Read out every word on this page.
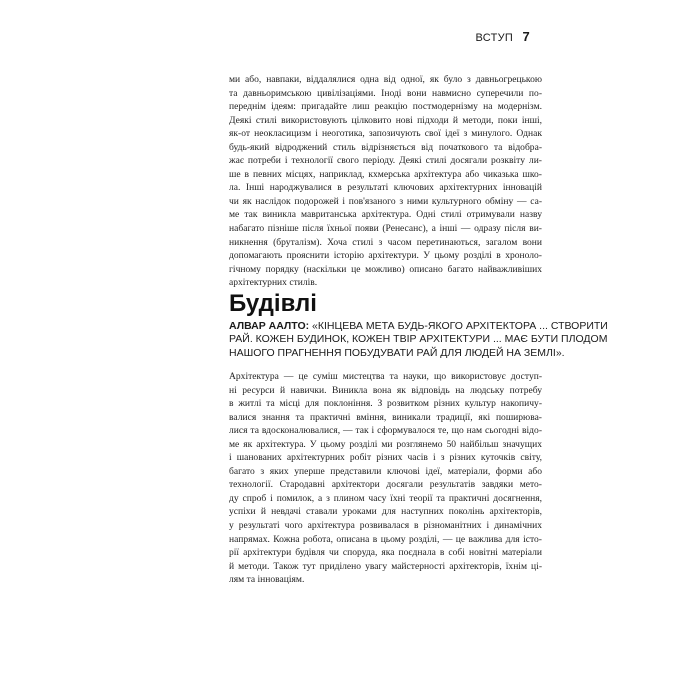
ВСТУП 7
ми або, навпаки, віддалялися одна від одної, як було з давньогрецькою
та давньоримською цивілізаціями. Іноді вони навмисно суперечили по-
переднім ідеям: пригадайте лиш реакцію постмодернізму на модернізм.
Деякі стилі використовують цілковито нові підходи й методи, поки інші,
як-от неокласицизм і неоготика, запозичують свої ідеї з минулого. Однак
будь-який відроджений стиль відрізняється від початкового та відобра-
жає потреби і технології свого періоду. Деякі стилі досягали розквіту ли-
ше в певних місцях, наприклад, кхмерська архітектура або чиказька шко-
ла. Інші народжувалися в результаті ключових архітектурних інновацій
чи як наслідок подорожей і пов'язаного з ними культурного обміну — са-
ме так виникла мавританська архітектура. Одні стилі отримували назву
набагато пізніше після їхньої появи (Ренесанс), а інші — одразу після ви-
никнення (бруталізм). Хоча стилі з часом перетинаються, загалом вони
допомагають прояснити історію архітектури. У цьому розділі в хроноло-
гічному порядку (наскільки це можливо) описано багато найважливіших
архітектурних стилів.
Будівлі
АЛВАР ААЛТО: «КІНЦЕВА МЕТА БУДЬ-ЯКОГО АРХІТЕКТОРА ... СТВОРИТИ
РАЙ. КОЖЕН БУДИНОК, КОЖЕН ТВІР АРХІТЕКТУРИ ... МАЄ БУТИ ПЛОДОМ
НАШОГО ПРАГНЕННЯ ПОБУДУВАТИ РАЙ ДЛЯ ЛЮДЕЙ НА ЗЕМЛІ».
Архітектура — це суміш мистецтва та науки, що використовує доступ-
ні ресурси й навички. Виникла вона як відповідь на людську потребу
в житлі та місці для поклоніння. З розвитком різних культур накопичу-
валися знання та практичні вміння, виникали традиції, які поширюва-
лися та вдосконалювалися, — так і сформувалося те, що нам сьогодні відо-
ме як архітектура. У цьому розділі ми розглянемо 50 найбільш значущих
і шанованих архітектурних робіт різних часів і з різних куточків світу,
багато з яких уперше представили ключові ідеї, матеріали, форми або
технології. Стародавні архітектори досягали результатів завдяки мето-
ду спроб і помилок, а з плином часу їхні теорії та практичні досягнення,
успіхи й невдачі ставали уроками для наступних поколінь архітекторів,
у результаті чого архітектура розвивалася в різноманітних і динамічних
напрямах. Кожна робота, описана в цьому розділі, — це важлива для істо-
рії архітектури будівля чи споруда, яка поєднала в собі новітні матеріали
й методи. Також тут приділено увагу майстерності архітекторів, їхнім ці-
лям та інноваціям.
